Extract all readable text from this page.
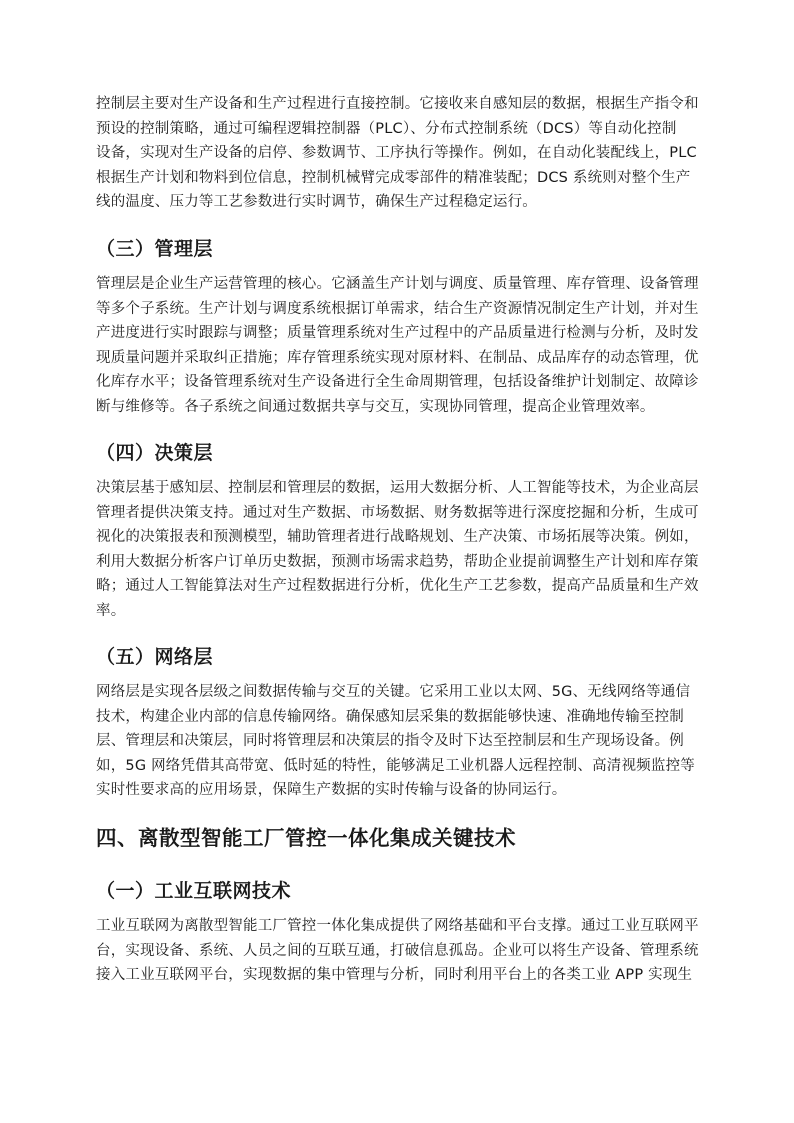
控制层主要对生产设备和生产过程进行直接控制。它接收来自感知层的数据，根据生产指令和
预设的控制策略，通过可编程逻辑控制器（PLC）、分布式控制系统（DCS）等自动化控制
设备，实现对生产设备的启停、参数调节、工序执行等操作。例如，在自动化装配线上，PLC
根据生产计划和物料到位信息，控制机械臂完成零部件的精准装配；DCS 系统则对整个生产
线的温度、压力等工艺参数进行实时调节，确保生产过程稳定运行。

（三）管理层

管理层是企业生产运营管理的核心。它涵盖生产计划与调度、质量管理、库存管理、设备管理
等多个子系统。生产计划与调度系统根据订单需求，结合生产资源情况制定生产计划，并对生
产进度进行实时跟踪与调整；质量管理系统对生产过程中的产品质量进行检测与分析，及时发
现质量问题并采取纠正措施；库存管理系统实现对原材料、在制品、成品库存的动态管理，优
化库存水平；设备管理系统对生产设备进行全生命周期管理，包括设备维护计划制定、故障诊
断与维修等。各子系统之间通过数据共享与交互，实现协同管理，提高企业管理效率。

（四）决策层

决策层基于感知层、控制层和管理层的数据，运用大数据分析、人工智能等技术，为企业高层
管理者提供决策支持。通过对生产数据、市场数据、财务数据等进行深度挖掘和分析，生成可
视化的决策报表和预测模型，辅助管理者进行战略规划、生产决策、市场拓展等决策。例如，
利用大数据分析客户订单历史数据，预测市场需求趋势，帮助企业提前调整生产计划和库存策
略；通过人工智能算法对生产过程数据进行分析，优化生产工艺参数，提高产品质量和生产效
率。

（五）网络层

网络层是实现各层级之间数据传输与交互的关键。它采用工业以太网、5G、无线网络等通信
技术，构建企业内部的信息传输网络。确保感知层采集的数据能够快速、准确地传输至控制
层、管理层和决策层，同时将管理层和决策层的指令及时下达至控制层和生产现场设备。例
如，5G 网络凭借其高带宽、低时延的特性，能够满足工业机器人远程控制、高清视频监控等
实时性要求高的应用场景，保障生产数据的实时传输与设备的协同运行。

四、离散型智能工厂管控一体化集成关键技术
（一）工业互联网技术

工业互联网为离散型智能工厂管控一体化集成提供了网络基础和平台支撑。通过工业互联网平
台，实现设备、系统、人员之间的互联互通，打破信息孤岛。企业可以将生产设备、管理系统
接入工业互联网平台，实现数据的集中管理与分析，同时利用平台上的各类工业 APP 实现生
